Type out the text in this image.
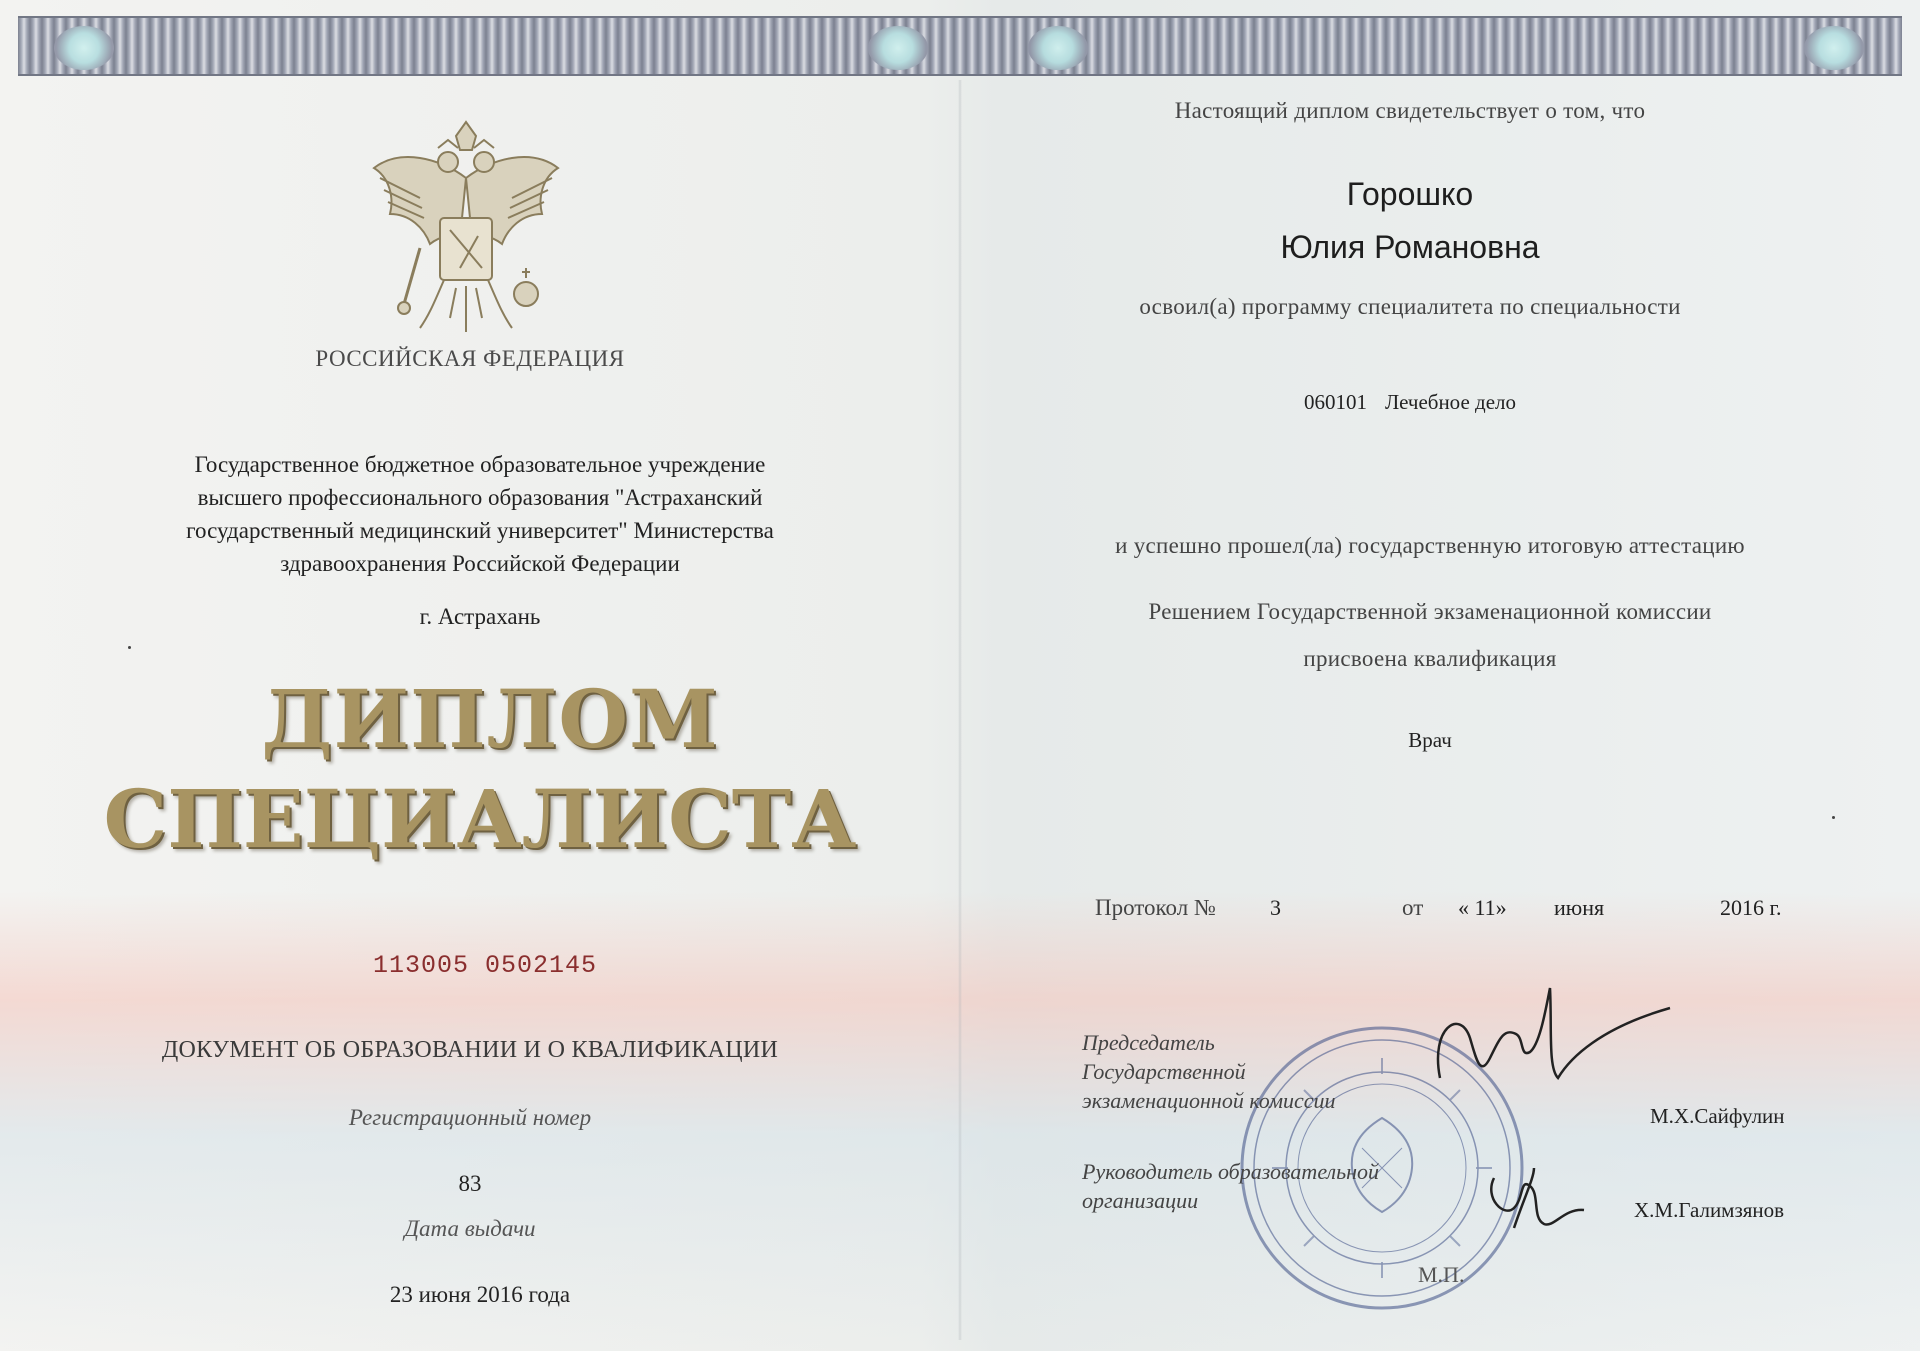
РОССИЙСКАЯ ФЕДЕРАЦИЯ
Государственное бюджетное образовательное учреждение
высшего профессионального образования "Астраханский
государственный медицинский университет" Министерства
здравоохранения Российской Федерации
г. Астрахань
ДИПЛОМ
СПЕЦИАЛИСТА
113005 0502145
ДОКУМЕНТ ОБ ОБРАЗОВАНИИ И О КВАЛИФИКАЦИИ
Регистрационный номер
83
Дата выдачи
23 июня 2016 года
Настоящий диплом свидетельствует о том, что
Горошко
Юлия Романовна
освоил(а) программу специалитета по специальности
060101 Лечебное дело
и успешно прошел(ла) государственную итоговую аттестацию
Решением Государственной экзаменационной комиссии
присвоена квалификация
Врач
Протокол № 3	от « 11» июня	2016 г.
Председатель
Государственной
экзаменационной комиссии
М.Х.Сайфулин
Руководитель образовательной
организации	Х.М.Галимзянов
М.П.
